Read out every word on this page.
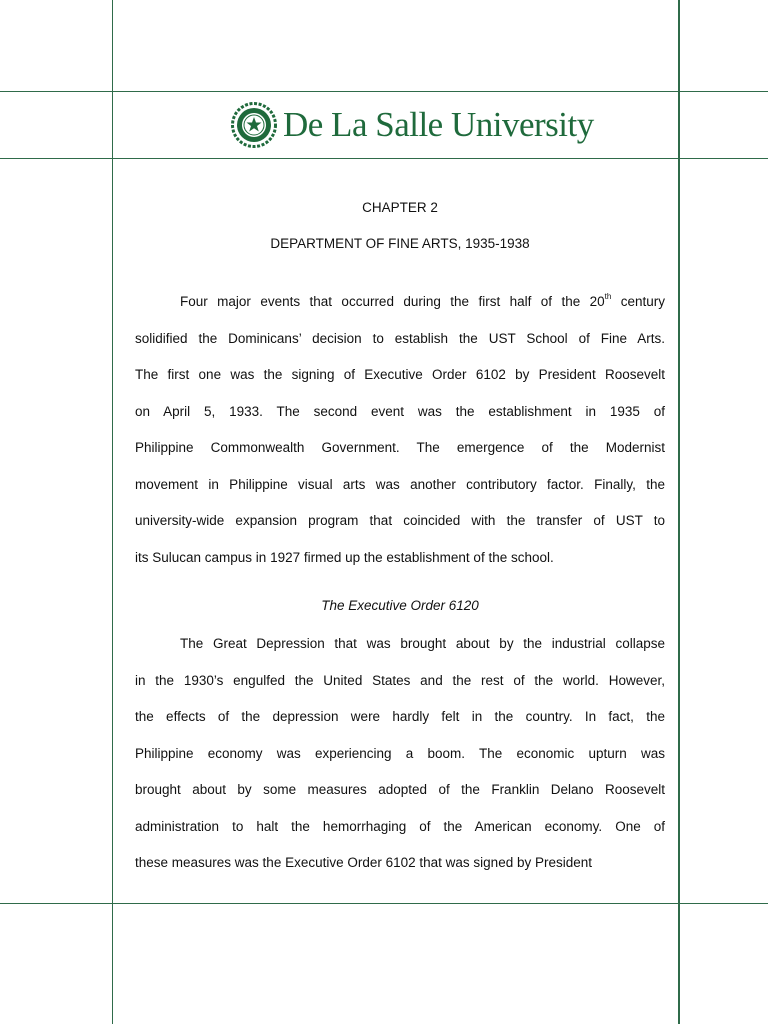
De La Salle University
CHAPTER 2
DEPARTMENT OF FINE ARTS, 1935-1938
Four major events that occurred during the first half of the 20th century
solidified the Dominicans’ decision to establish the UST School of Fine Arts.
The first one was the signing of Executive Order 6102 by President Roosevelt
on April 5, 1933. The second event was the establishment in 1935 of
Philippine Commonwealth Government. The emergence of the Modernist
movement in Philippine visual arts was another contributory factor. Finally, the
university-wide expansion program that coincided with the transfer of UST to
its Sulucan campus in 1927 firmed up the establishment of the school.
The Executive Order 6120
The Great Depression that was brought about by the industrial collapse
in the 1930’s engulfed the United States and the rest of the world. However,
the effects of the depression were hardly felt in the country. In fact, the
Philippine economy was experiencing a boom. The economic upturn was
brought about by some measures adopted of the Franklin Delano Roosevelt
administration to halt the hemorrhaging of the American economy. One of
these measures was the Executive Order 6102 that was signed by President
